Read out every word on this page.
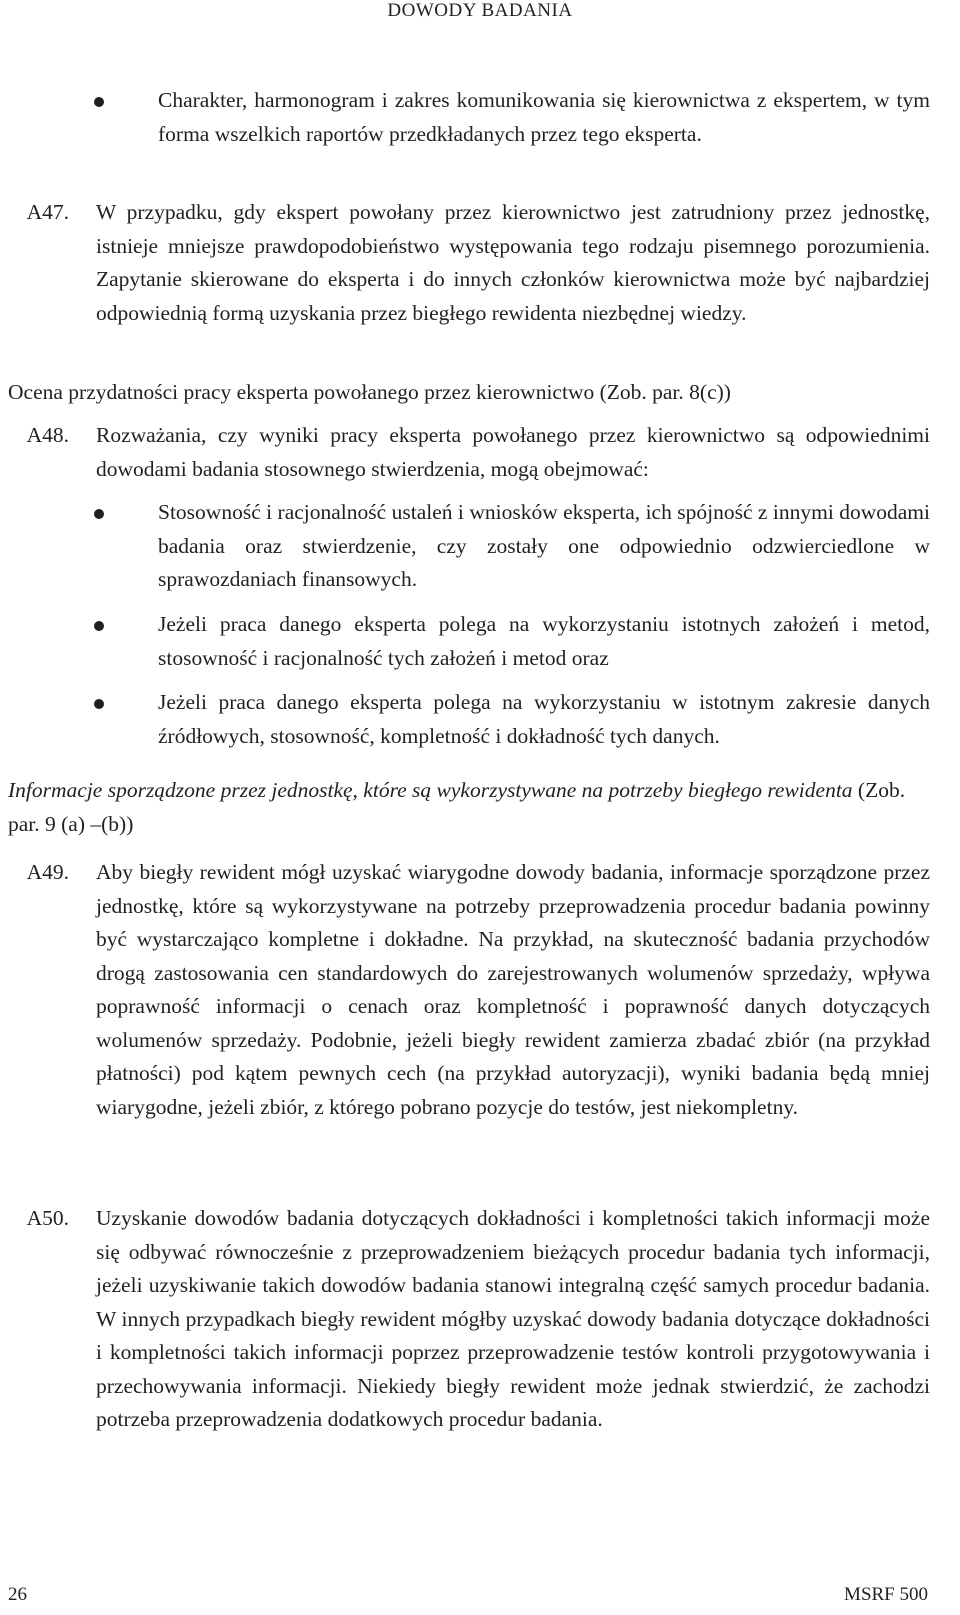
DOWODY BADANIA
Charakter, harmonogram i zakres komunikowania się kierownictwa z ekspertem, w tym forma wszelkich raportów przedkładanych przez tego eksperta.
A47. W przypadku, gdy ekspert powołany przez kierownictwo jest zatrudniony przez jednostkę, istnieje mniejsze prawdopodobieństwo występowania tego rodzaju pisemnego porozumienia. Zapytanie skierowane do eksperta i do innych członków kierownictwa może być najbardziej odpowiednią formą uzyskania przez biegłego rewidenta niezbędnej wiedzy.
Ocena przydatności pracy eksperta powołanego przez kierownictwo (Zob. par. 8(c))
A48. Rozważania, czy wyniki pracy eksperta powołanego przez kierownictwo są odpowiednimi dowodami badania stosownego stwierdzenia, mogą obejmować:
Stosowność i racjonalność ustaleń i wniosków eksperta, ich spójność z innymi dowodami badania oraz stwierdzenie, czy zostały one odpowiednio odzwierciedlone w sprawozdaniach finansowych.
Jeżeli praca danego eksperta polega na wykorzystaniu istotnych założeń i metod, stosowność i racjonalność tych założeń i metod oraz
Jeżeli praca danego eksperta polega na wykorzystaniu w istotnym zakresie danych źródłowych, stosowność, kompletność i dokładność tych danych.
Informacje sporządzone przez jednostkę, które są wykorzystywane na potrzeby biegłego rewidenta (Zob. par. 9 (a) –(b))
A49. Aby biegły rewident mógł uzyskać wiarygodne dowody badania, informacje sporządzone przez jednostkę, które są wykorzystywane na potrzeby przeprowadzenia procedur badania powinny być wystarczająco kompletne i dokładne. Na przykład, na skuteczność badania przychodów drogą zastosowania cen standardowych do zarejestrowanych wolumenów sprzedaży, wpływa poprawność informacji o cenach oraz kompletność i poprawność danych dotyczących wolumenów sprzedaży. Podobnie, jeżeli biegły rewident zamierza zbadać zbiór (na przykład płatności) pod kątem pewnych cech (na przykład autoryzacji), wyniki badania będą mniej wiarygodne, jeżeli zbiór, z którego pobrano pozycje do testów, jest niekompletny.
A50. Uzyskanie dowodów badania dotyczących dokładności i kompletności takich informacji może się odbywać równocześnie z przeprowadzeniem bieżących procedur badania tych informacji, jeżeli uzyskiwanie takich dowodów badania stanowi integralną część samych procedur badania. W innych przypadkach biegły rewident mógłby uzyskać dowody badania dotyczące dokładności i kompletności takich informacji poprzez przeprowadzenie testów kontroli przygotowywania i przechowywania informacji. Niekiedy biegły rewident może jednak stwierdzić, że zachodzi potrzeba przeprowadzenia dodatkowych procedur badania.
26	MSRF 500
